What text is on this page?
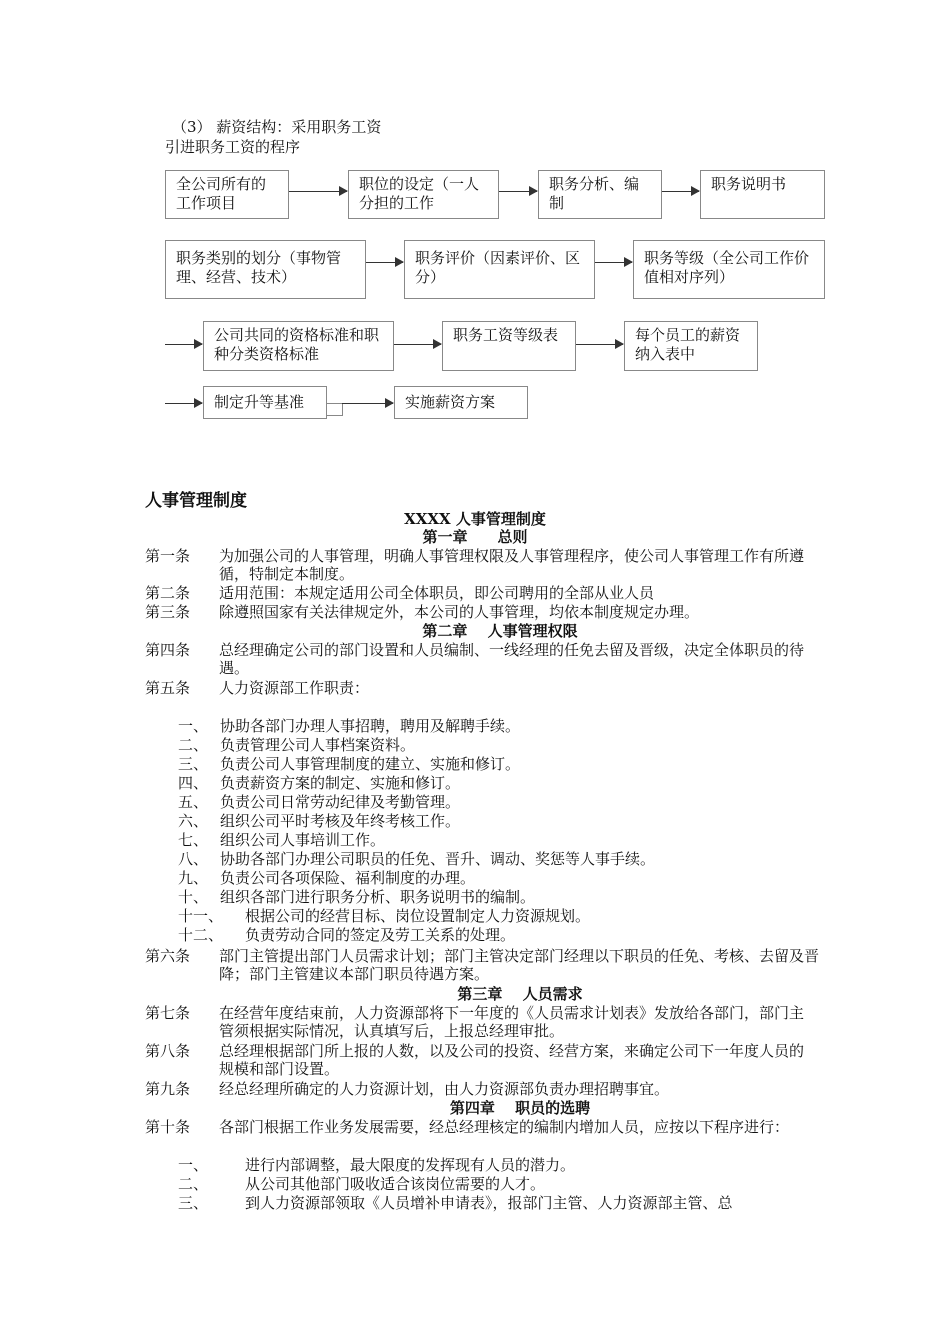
（3） 薪资结构：采用职务工资
引进职务工资的程序
全公司所有的工作项目
职位的设定（一人分担的工作
职务分析、编制
职务说明书
职务类别的划分（事物管理、经营、技术）
职务评价（因素评价、区分）
职务等级（全公司工作价值相对序列）
公司共同的资格标准和职种分类资格标准
职务工资等级表	每个员工的薪资纳入表中
制定升等基准	实施薪资方案
人事管理制度
XXXX 人事管理制度
第一章　　总则
第一条 为加强公司的人事管理，明确人事管理权限及人事管理程序，使公司人事管理工作有所遵循，特制定本制度。
第二条 适用范围：本规定适用公司全体职员，即公司聘用的全部从业人员
第三条 除遵照国家有关法律规定外，本公司的人事管理，均依本制度规定办理。
第二章　 人事管理权限
第四条 总经理确定公司的部门设置和人员编制、一线经理的任免去留及晋级，决定全体职员的待遇。
第五条 人力资源部工作职责：
一、 协助各部门办理人事招聘，聘用及解聘手续。
二、 负责管理公司人事档案资料。
三、 负责公司人事管理制度的建立、实施和修订。
四、 负责薪资方案的制定、实施和修订。
五、 负责公司日常劳动纪律及考勤管理。
六、 组织公司平时考核及年终考核工作。
七、 组织公司人事培训工作。
八、 协助各部门办理公司职员的任免、晋升、调动、奖惩等人事手续。
九、 负责公司各项保险、福利制度的办理。
十、 组织各部门进行职务分析、职务说明书的编制。
十一、 根据公司的经营目标、岗位设置制定人力资源规划。
十二、 负责劳动合同的签定及劳工关系的处理。
第六条 部门主管提出部门人员需求计划；部门主管决定部门经理以下职员的任免、考核、去留及晋降；部门主管建议本部门职员待遇方案。
第三章　 人员需求
第七条 在经营年度结束前，人力资源部将下一年度的《人员需求计划表》发放给各部门，部门主管须根据实际情况，认真填写后，上报总经理审批。
第八条 总经理根据部门所上报的人数，以及公司的投资、经营方案，来确定公司下一年度人员的规模和部门设置。
第九条 经总经理所确定的人力资源计划，由人力资源部负责办理招聘事宜。
第四章　 职员的选聘
第十条 各部门根据工作业务发展需要，经总经理核定的编制内增加人员，应按以下程序进行：
一、 进行内部调整，最大限度的发挥现有人员的潜力。
二、 从公司其他部门吸收适合该岗位需要的人才。
三、 到人力资源部领取《人员增补申请表》，报部门主管、人力资源部主管、总
